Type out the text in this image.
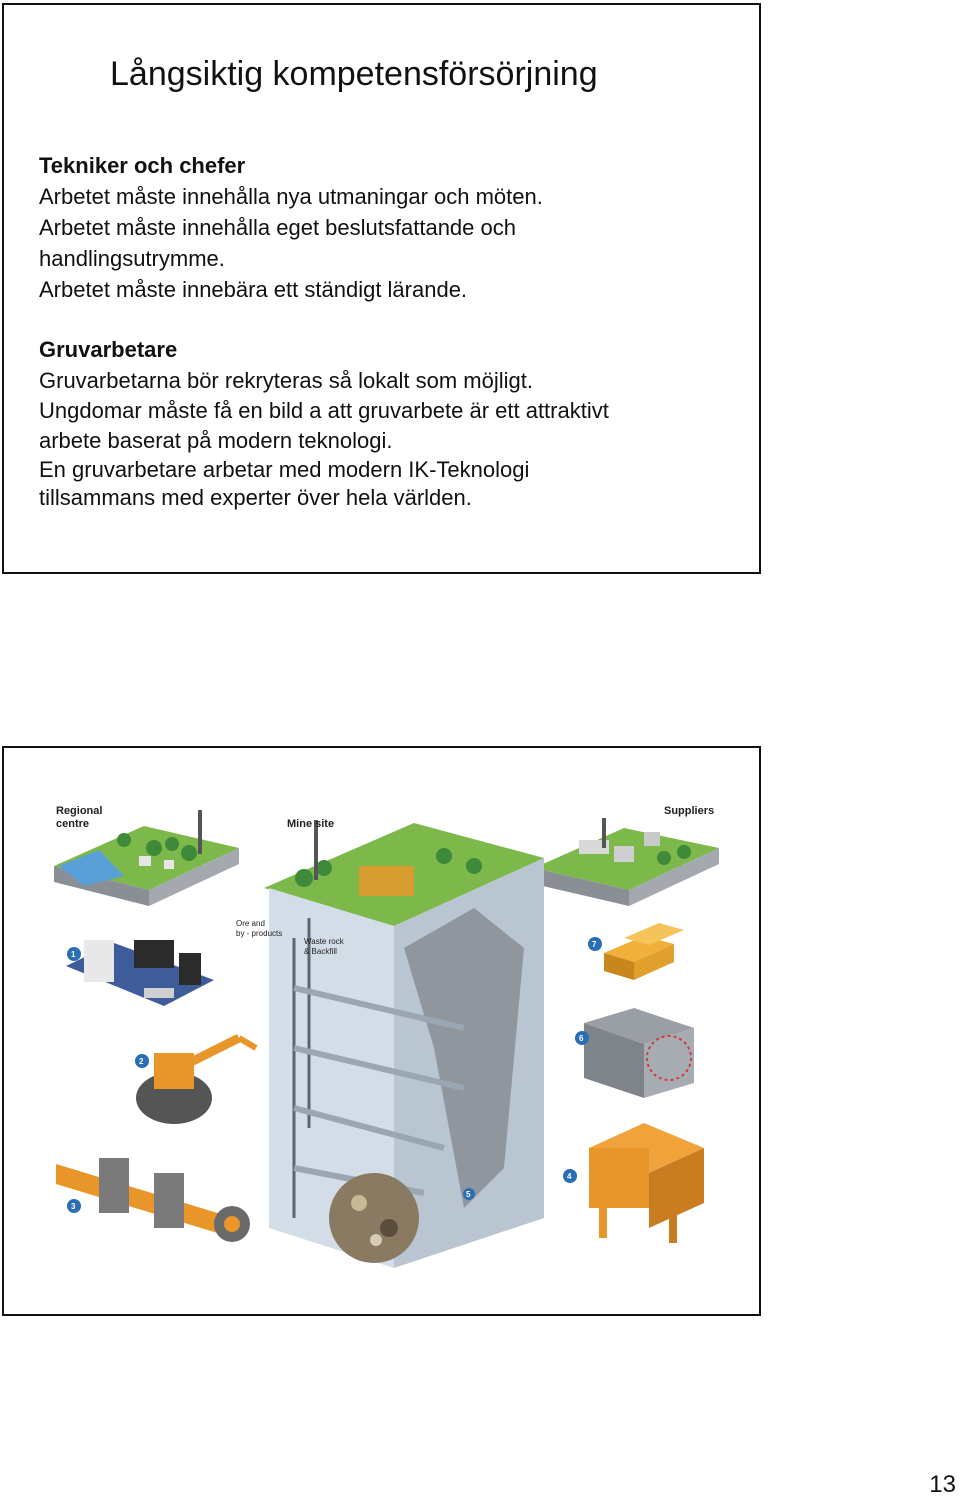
Långsiktig kompetensförsörjning
Tekniker och chefer
Arbetet måste innehålla nya utmaningar och möten.
Arbetet måste innehålla eget beslutsfattande och
handlingsutrymme.
Arbetet måste innebära ett ständigt lärande.
Gruvarbetare
Gruvarbetarna bör rekryteras så lokalt som möjligt.
Ungdomar måste få en bild a att gruvarbete är ett attraktivt
arbete baserat på modern teknologi.
En gruvarbetare arbetar med modern IK-Teknologi
tillsammans med experter över hela världen.
Regional
centre	Mine site
Suppliers
Ore and
by - products
Waste rock
& Backfill
1
2
3
4
5
6
7
13
